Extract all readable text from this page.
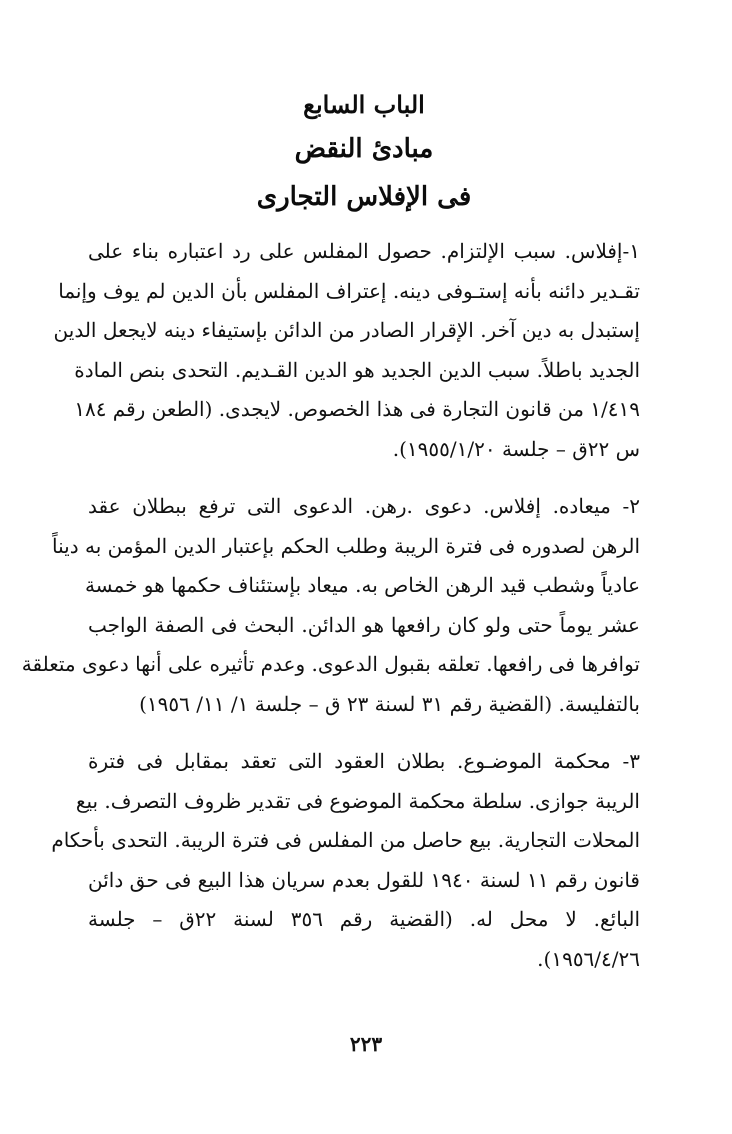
الباب السابع
مبادئ النقض
فى الإفلاس التجارى
١-إفلاس. سبب الإلتزام. حصول المفلس على رد اعتباره بناء على
تقـدير دائنه بأنه إستـوفى دينه. إعتراف المفلس بأن الدين لم يوف وإنما
إستبدل به دين آخر. الإقرار الصادر من الدائن بإستيفاء دينه لايجعل الدين
الجديد باطلاً. سبب الدين الجديد هو الدين القـديم. التحدى بنص المادة
١/٤١٩ من قانون التجارة فى هذا الخصوص. لايجدى. (الطعن رقم ١٨٤
س ٢٢ق – جلسة ١٩٥٥/١/٢٠).
٢- ميعاده. إفلاس. دعوى .رهن. الدعوى التى ترفع ببطلان عقد
الرهن لصدوره فى فترة الريبة وطلب الحكم بإعتبار الدين المؤمن به ديناً
عادياً وشطب قيد الرهن الخاص به. ميعاد بإستئناف حكمها هو خمسة
عشر يوماً حتى ولو كان رافعها هو الدائن. البحث فى الصفة الواجب
توافرها فى رافعها. تعلقه بقبول الدعوى. وعدم تأثيره على أنها دعوى متعلقة
بالتفليسة. (القضية رقم ٣١ لسنة ٢٣ ق – جلسة ١/ ١١/ ١٩٥٦)
٣- محكمة الموضـوع. بطلان العقود التى تعقد بمقابل فى فترة
الريبة جوازى. سلطة محكمة الموضوع فى تقدير ظروف التصرف. بيع
المحلات التجارية. بيع حاصل من المفلس فى فترة الريبة. التحدى بأحكام
قانون رقم ١١ لسنة ١٩٤٠ للقول بعدم سريان هذا البيع فى حق دائن
البائع. لا محل له. (القضية رقم ٣٥٦ لسنة ٢٢ق – جلسة
١٩٥٦/٤/٢٦).
٢٢٣
